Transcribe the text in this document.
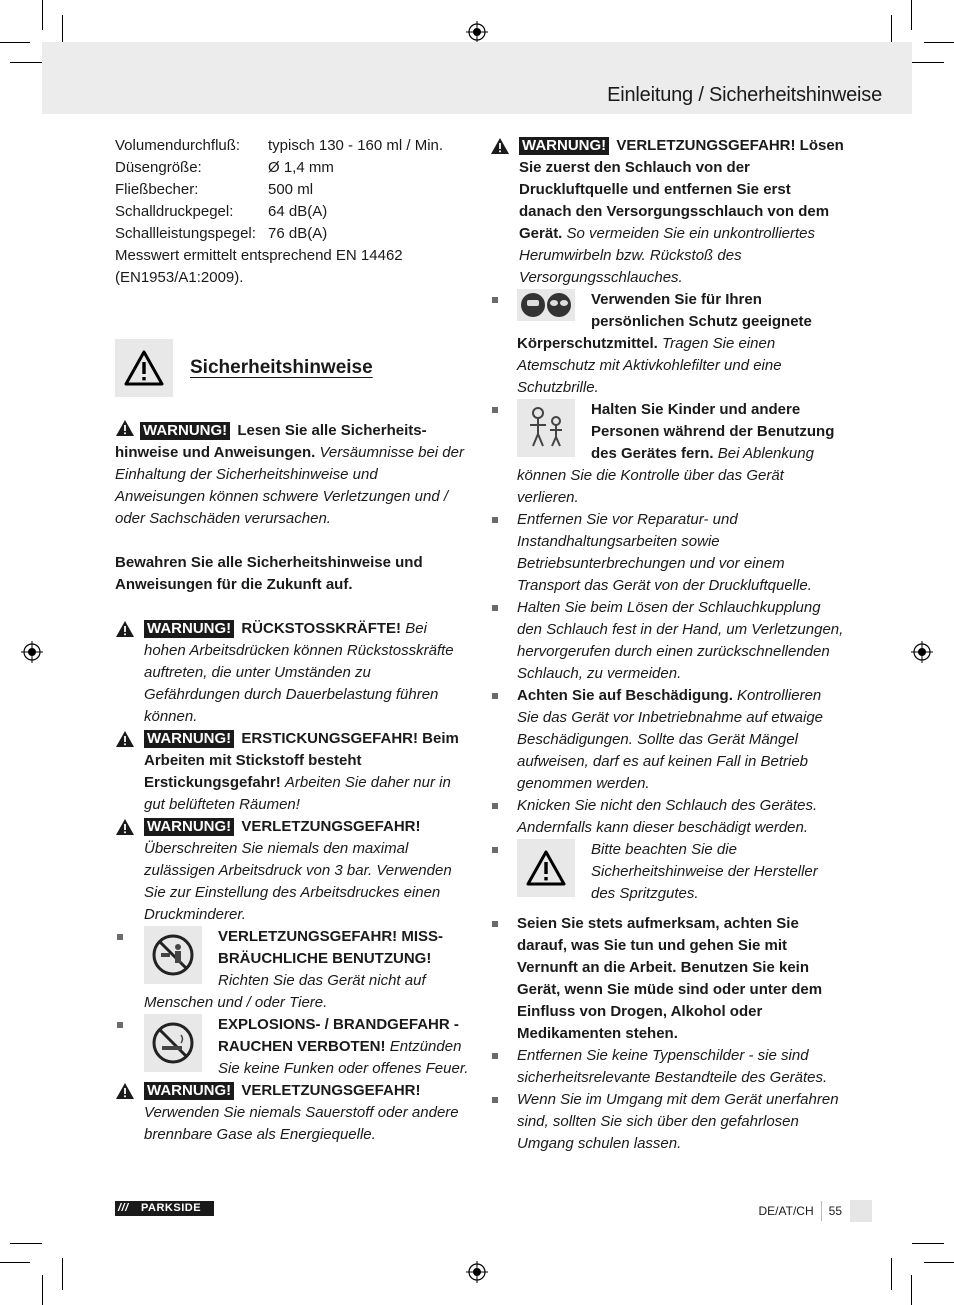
Einleitung / Sicherheitshinweise
Volumendurchfluß:	typisch 130 - 160 ml / Min.
Düsengröße:	Ø 1,4 mm
Fließbecher:	500 ml
Schalldruckpegel:	64 dB(A)
Schallleistungspegel: 76 dB(A)

Messwert ermittelt entsprechend EN 14462 (EN1953/A1:2009).

Sicherheitshinweise

WARNUNG! Lesen Sie alle Sicherheits-hinweise und Anweisungen. Versäumnisse bei der Einhaltung der Sicherheitshinweise und Anweisungen können schwere Verletzungen und / oder Sachschäden verursachen.

Bewahren Sie alle Sicherheitshinweise und Anweisungen für die Zukunft auf.

WARNUNG! RÜCKSTOSSKRÄFTE! Bei hohen Arbeitsdrücken können Rückstosskräfte auftreten, die unter Umständen zu Gefährdungen durch Dauerbelastung führen können.
WARNUNG! ERSTICKUNGSGEFAHR! Beim Arbeiten mit Stickstoff besteht Erstickungsgefahr! Arbeiten Sie daher nur in gut belüfteten Räumen!
WARNUNG! VERLETZUNGSGEFAHR! Überschreiten Sie niemals den maximal zulässigen Arbeitsdruck von 3 bar. Verwenden Sie zur Einstellung des Arbeitsdruckes einen Druckminderer.
VERLETZUNGSGEFAHR! MISS-BRÄUCHLICHE BENUTZUNG! Richten Sie das Gerät nicht auf Menschen und / oder Tiere.
EXPLOSIONS- / BRANDGEFAHR -RAUCHEN VERBOTEN! Entzünden Sie keine Funken oder offenes Feuer.
WARNUNG! VERLETZUNGSGEFAHR! Verwenden Sie niemals Sauerstoff oder andere brennbare Gase als Energiequelle.
WARNUNG! VERLETZUNGSGEFAHR! Lösen Sie zuerst den Schlauch von der Druckluftquelle und entfernen Sie erst danach den Versorgungsschlauch von dem Gerät. So vermeiden Sie ein unkontrolliertes Herumwirbeln bzw. Rückstoß des Versorgungsschlauches.
Verwenden Sie für Ihren persönlichen Schutz geeignete Körperschutzmittel. Tragen Sie einen Atemschutz mit Aktivkohlefilter und eine Schutzbrille.
Halten Sie Kinder und andere Personen während der Benutzung des Gerätes fern. Bei Ablenkung können Sie die Kontrolle über das Gerät verlieren.
Entfernen Sie vor Reparatur- und Instandhaltungsarbeiten sowie Betriebsunterbrechungen und vor einem Transport das Gerät von der Druckluftquelle.
Halten Sie beim Lösen der Schlauchkupplung den Schlauch fest in der Hand, um Verletzungen, hervorgerufen durch einen zurückschnellenden Schlauch, zu vermeiden.
Achten Sie auf Beschädigung. Kontrollieren Sie das Gerät vor Inbetriebnahme auf etwaige Beschädigungen. Sollte das Gerät Mängel aufweisen, darf es auf keinen Fall in Betrieb genommen werden.
Knicken Sie nicht den Schlauch des Gerätes. Andernfalls kann dieser beschädigt werden.
Bitte beachten Sie die Sicherheitshinweise der Hersteller des Spritzgutes.
Seien Sie stets aufmerksam, achten Sie darauf, was Sie tun und gehen Sie mit Vernunft an die Arbeit. Benutzen Sie kein Gerät, wenn Sie müde sind oder unter dem Einfluss von Drogen, Alkohol oder Medikamenten stehen.
Entfernen Sie keine Typenschilder - sie sind sicherheitsrelevante Bestandteile des Gerätes.
Wenn Sie im Umgang mit dem Gerät unerfahren sind, sollten Sie sich über den gefahrlosen Umgang schulen lassen.
/// PARKSIDE	DE/AT/CH 55
